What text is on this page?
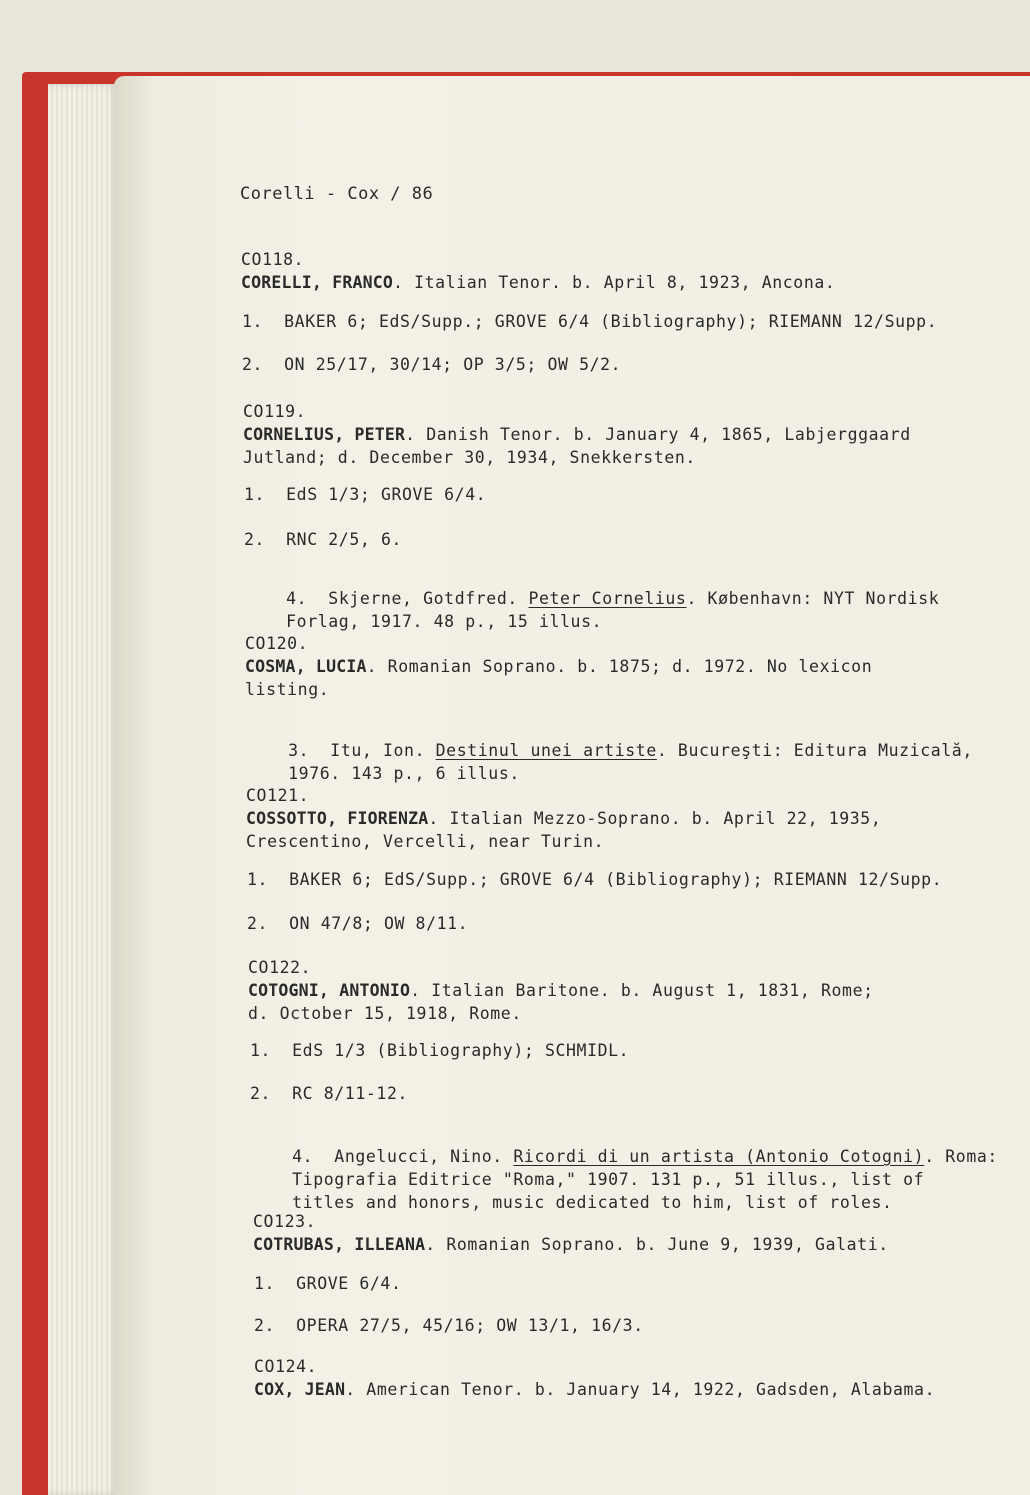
Corelli - Cox / 86
CO118.
CORELLI, FRANCO. Italian Tenor. b. April 8, 1923, Ancona.
1.  BAKER 6; EdS/Supp.; GROVE 6/4 (Bibliography); RIEMANN 12/Supp.
2.  ON 25/17, 30/14; OP 3/5; OW 5/2.
CO119.
CORNELIUS, PETER. Danish Tenor. b. January 4, 1865, Labjerggaard
Jutland; d. December 30, 1934, Snekkersten.
1.  EdS 1/3; GROVE 6/4.
2.  RNC 2/5, 6.

4. Skjerne, Gotdfred. Peter Cornelius. København: NYT Nordisk
Forlag, 1917. 48 p., 15 illus.

CO120.
COSMA, LUCIA. Romanian Soprano. b. 1875; d. 1972. No lexicon
listing.

3. Itu, Ion. Destinul unei artiste. Bucureşti: Editura Muzicală,
1976. 143 p., 6 illus.

CO121.
COSSOTTO, FIORENZA. Italian Mezzo-Soprano. b. April 22, 1935,
Crescentino, Vercelli, near Turin.
1.  BAKER 6; EdS/Supp.; GROVE 6/4 (Bibliography); RIEMANN 12/Supp.
2.  ON 47/8; OW 8/11.
CO122.
COTOGNI, ANTONIO. Italian Baritone. b. August 1, 1831, Rome;
d. October 15, 1918, Rome.
1.  EdS 1/3 (Bibliography); SCHMIDL.
2.  RC 8/11-12.

4. Angelucci, Nino. Ricordi di un artista (Antonio Cotogni). Roma:
Tipografia Editrice "Roma," 1907. 131 p., 51 illus., list of
titles and honors, music dedicated to him, list of roles.

CO123.
COTRUBAS, ILLEANA. Romanian Soprano. b. June 9, 1939, Galati.
1.  GROVE 6/4.
2.  OPERA 27/5, 45/16; OW 13/1, 16/3.
CO124.
COX, JEAN. American Tenor. b. January 14, 1922, Gadsden, Alabama.
